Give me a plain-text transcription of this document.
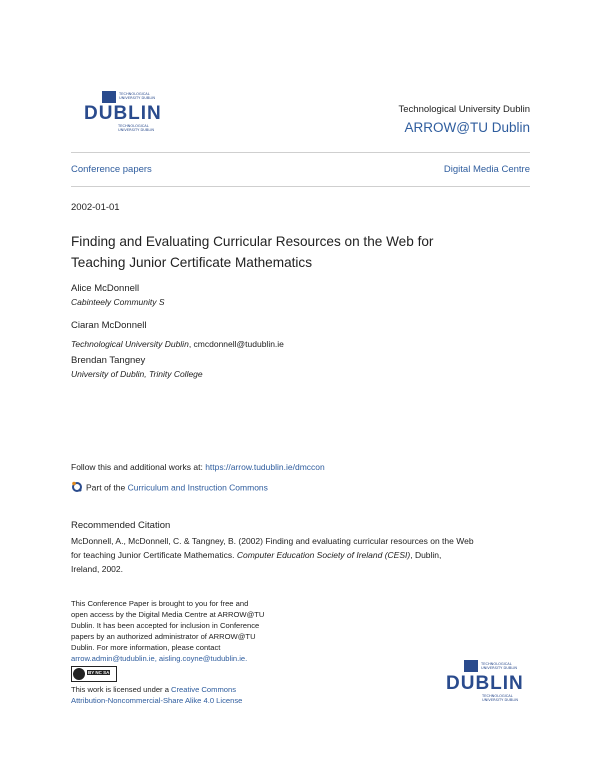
TECHNOLOGICAL
UNIVERSITY DUBLIN
DUBLIN
TECHNOLOGICAL
UNIVERSITY DUBLIN
Technological University Dublin
ARROW@TU Dublin
Conference papers	Digital Media Centre
2002-01-01
Finding and Evaluating Curricular Resources on the Web for
Teaching Junior Certificate Mathematics
Alice McDonnell
Cabinteely Community S
Ciaran McDonnell
Technological University Dublin, cmcdonnell@tudublin.ie
Brendan Tangney
University of Dublin, Trinity College
Follow this and additional works at: https://arrow.tudublin.ie/dmccon
Part of the Curriculum and Instruction Commons
Recommended Citation
McDonnell, A., McDonnell, C. & Tangney, B. (2002) Finding and evaluating curricular resources on the Web
for teaching Junior Certificate Mathematics. Computer Education Society of Ireland (CESI), Dublin,
Ireland, 2002.
This Conference Paper is brought to you for free and
open access by the Digital Media Centre at ARROW@TU
Dublin. It has been accepted for inclusion in Conference
papers by an authorized administrator of ARROW@TU
Dublin. For more information, please contact
arrow.admin@tudublin.ie, aisling.coyne@tudublin.ie.
BY NC SA
This work is licensed under a Creative Commons
Attribution-Noncommercial-Share Alike 4.0 License
TECHNOLOGICAL
UNIVERSITY DUBLIN
DUBLIN
TECHNOLOGICAL
UNIVERSITY DUBLIN
